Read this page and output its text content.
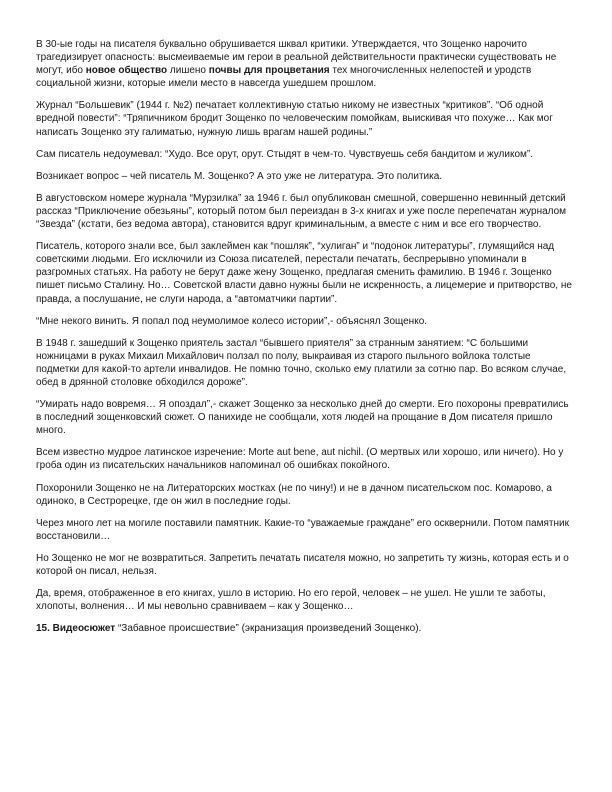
В 30-ые годы на писателя буквально обрушивается шквал критики. Утверждается, что Зощенко нарочито трагедизирует опасность: высмеиваемые им герои в реальной действительности практически существовать не могут, ибо новое общество лишено почвы для процветания тех многочисленных нелепостей и уродств социальной жизни, которые имели место в навсегда ушедшем прошлом.

Журнал “Большевик” (1944 г. №2) печатает коллективную статью никому не известных “критиков”. “Об одной вредной повести”: “Тряпичником бродит Зощенко по человеческим помойкам, выискивая что похуже… Как мог написать Зощенко эту галиматью, нужную лишь врагам нашей родины.”

Сам писатель недоумевал: “Худо. Все орут, орут. Стыдят в чем-то. Чувствуешь себя бандитом и жуликом”.

Возникает вопрос – чей писатель М. Зощенко? А это уже не литература. Это политика.

В августовском номере журнала “Мурзилка” за 1946 г. был опубликован смешной, совершенно невинный детский рассказ “Приключение обезьяны”, который потом был переиздан в 3-х книгах и уже после перепечатан журналом “Звезда” (кстати, без ведома автора), становится вдруг криминальным, а вместе с ним и все его творчество.

Писатель, которого знали все, был заклеймен как “пошляк”, “хулиган” и “подонок литературы”, глумящийся над советскими людьми. Его исключили из Союза писателей, перестали печатать, беспрерывно упоминали в разгромных статьях. На работу не берут даже жену Зощенко, предлагая сменить фамилию. В 1946 г. Зощенко пишет письмо Сталину. Но… Советской власти давно нужны были не искренность, а лицемерие и притворство, не правда, а послушание, не слуги народа, а “автоматчики партии”.

“Мне некого винить. Я попал под неумолимое колесо истории”,- объяснял Зощенко.

В 1948 г. зашедший к Зощенко приятель застал “бывшего приятеля” за странным занятием: “С большими ножницами в руках Михаил Михайлович ползал по полу, выкраивая из старого пыльного войлока толстые подметки для какой-то артели инвалидов. Не помню точно, сколько ему платили за сотню пар. Во всяком случае, обед в дрянной столовке обходился дороже”.

“Умирать надо вовремя… Я опоздал”,- скажет Зощенко за несколько дней до смерти. Его похороны превратились в последний зощенковский сюжет. О панихиде не сообщали, хотя людей на прощание в Дом писателя пришло много.

Всем известно мудрое латинское изречение: Morte aut bene, aut nichil. (О мертвых или хорошо, или ничего). Но у гроба один из писательских начальников напоминал об ошибках покойного.

Похоронили Зощенко не на Литераторских мостках (не по чину!) и не в дачном писательском пос. Комарово, а одиноко, в Сестрорецке, где он жил в последние годы.

Через много лет на могиле поставили памятник. Какие-то “уважаемые граждане” его осквернили. Потом памятник восстановили…

Но Зощенко не мог не возвратиться. Запретить печатать писателя можно, но запретить ту жизнь, которая есть и о которой он писал, нельзя.

Да, время, отображенное в его книгах, ушло в историю. Но его герой, человек – не ушел. Не ушли те заботы, хлопоты, волнения… И мы невольно сравниваем – как у Зощенко…

15. Видеосюжет “Забавное происшествие” (экранизация произведений Зощенко).
